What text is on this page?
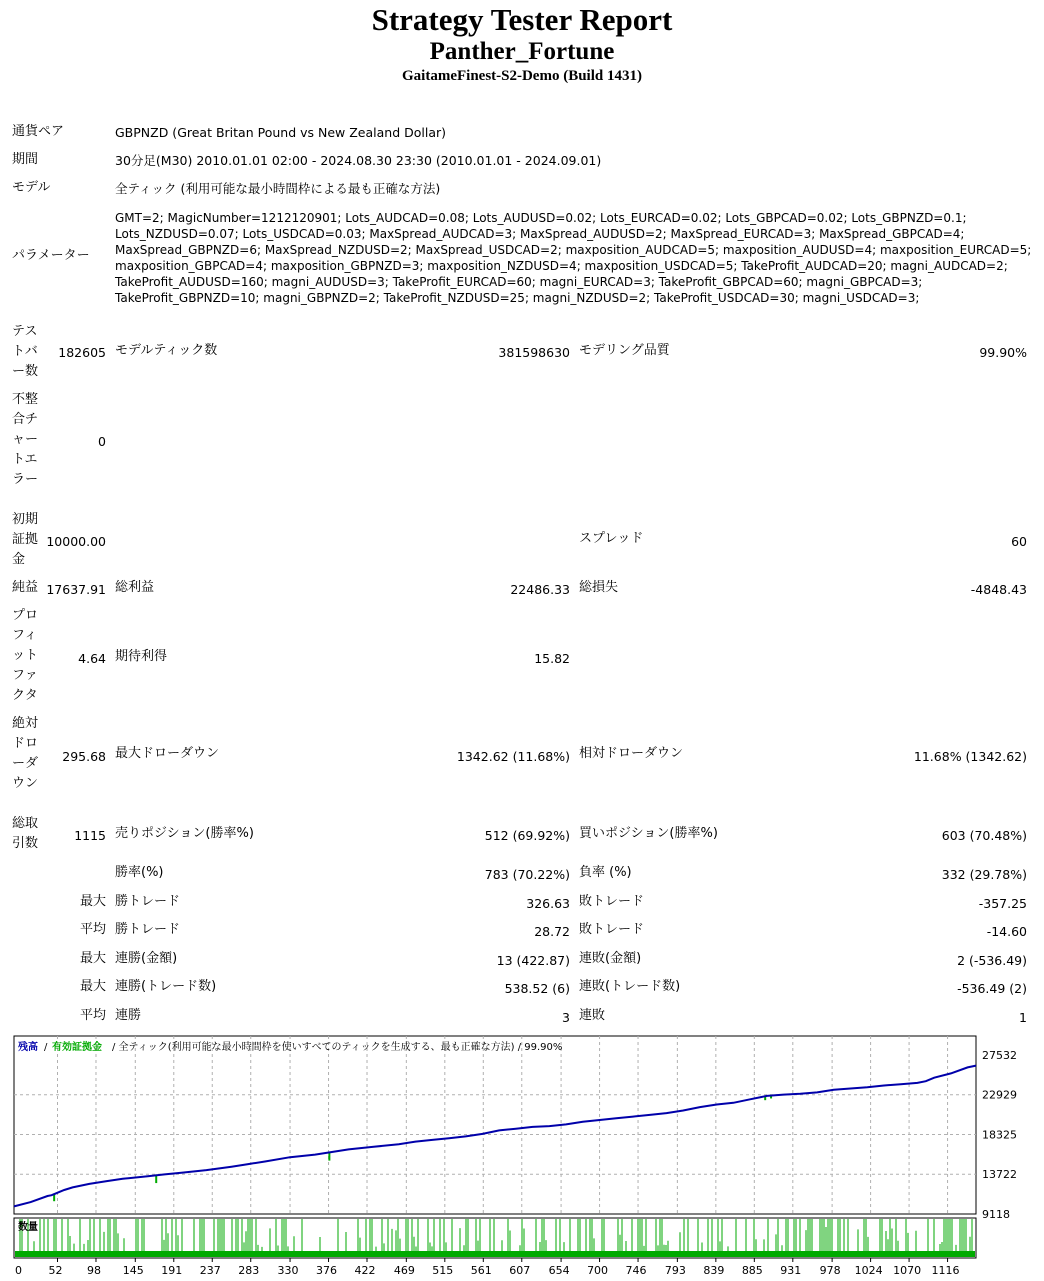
Strategy Tester Report
Panther_Fortune
GaitameFinest-S2-Demo (Build 1431)
通貨ペア	GBPNZD (Great Britan Pound vs New Zealand Dollar)
期間	30分足(M30) 2010.01.01 02:00 - 2024.08.30 23:30 (2010.01.01 - 2024.09.01)
モデル	全ティック (利用可能な最小時間枠による最も正確な方法)
パラメーター
GMT=2; MagicNumber=1212120901; Lots_AUDCAD=0.08; Lots_AUDUSD=0.02; Lots_EURCAD=0.02; Lots_GBPCAD=0.02; Lots_GBPNZD=0.1;
Lots_NZDUSD=0.07; Lots_USDCAD=0.03; MaxSpread_AUDCAD=3; MaxSpread_AUDUSD=2; MaxSpread_EURCAD=3; MaxSpread_GBPCAD=4;
MaxSpread_GBPNZD=6; MaxSpread_NZDUSD=2; MaxSpread_USDCAD=2; maxposition_AUDCAD=5; maxposition_AUDUSD=4; maxposition_EURCAD=5;
maxposition_GBPCAD=4; maxposition_GBPNZD=3; maxposition_NZDUSD=4; maxposition_USDCAD=5; TakeProfit_AUDCAD=20; magni_AUDCAD=2;
TakeProfit_AUDUSD=160; magni_AUDUSD=3; TakeProfit_EURCAD=60; magni_EURCAD=3; TakeProfit_GBPCAD=60; magni_GBPCAD=3;
TakeProfit_GBPNZD=10; magni_GBPNZD=2; TakeProfit_NZDUSD=25; magni_NZDUSD=2; TakeProfit_USDCAD=30; magni_USDCAD=3;
テス
トバ
ー数
182605 モデルティック数	381598630 モデリング品質	99.90%
不整
合チ
ャー
トエ
ラー
0
初期
証拠
金
10000.00	スプレッド	60
純益 17637.91 総利益	22486.33 総損失	-4848.43
プロ
フィ
ット
ファ
クタ
4.64 期待利得	15.82
絶対
ドロ
ーダ
ウン
295.68 最大ドローダウン	1342.62 (11.68%) 相対ドローダウン	11.68% (1342.62)
総取
引数
1115 売りポジション(勝率%)	512 (69.92%) 買いポジション(勝率%)	603 (70.48%)
勝率(%)	783 (70.22%) 負率 (%)	332 (29.78%)
最大 勝トレード	326.63 敗トレード	-357.25
平均 勝トレード	28.72 敗トレード	-14.60
最大 連勝(金額)	13 (422.87) 連敗(金額)	2 (-536.49)
最大 連勝(トレード数)	538.52 (6) 連敗(トレード数)	-536.49 (2)
平均 連勝	3 連敗	1
残高 / 有効証拠金 / 全ティック(利用可能な最小時間枠を使いすべてのティックを生成する、最も正確な方法) / 99.90%
27532
22929
18325
13722
9118
数量
0 52 98 145 191 237 283 330 376 422 469 515 561 607 654 700 746 793 839 885 931 978 1024 1070 1116
